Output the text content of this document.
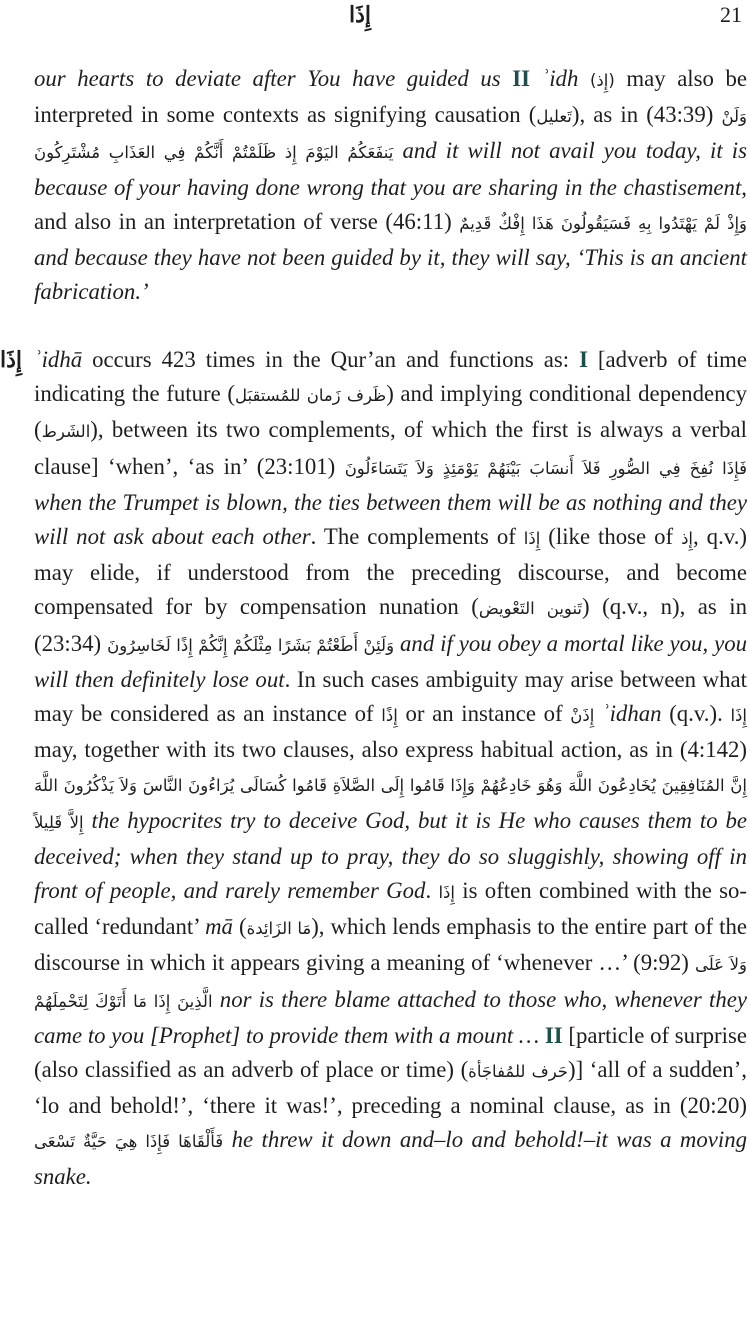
إِذَا	21
our hearts to deviate after You have guided us II ʾidh (إِذ) may also be interpreted in some contexts as signifying causation (تَعليل), as in (43:39) وَلَنْ يَنفَعَكُمُ اليَوْمَ إِذ ظَلَمْتُمْ أَنَّكُمْ فِي العَذَابِ مُشْتَرِكُونَ and it will not avail you today, it is because of your having done wrong that you are sharing in the chastisement, and also in an interpretation of verse (46:11) وَإِذْ لَمْ يَهْتَدُوا بِهِ فَسَيَقُولُونَ هَذَا إِفْكٌ قَدِيمٌ and because they have not been guided by it, they will say, ‘This is an ancient fabrication.’
إِذَا ʾidhā occurs 423 times in the Qur’an and functions as: I [adverb of time indicating the future (ظَرف زَمان للمُستقبَل) and implying conditional dependency (الشَرط), between its two complements, of which the first is always a verbal clause] ‘when’, ‘as in’ (23:101) فَإِذَا نُفِخَ فِي الصُّورِ فَلاَ أَنسَابَ بَيْنَهُمْ يَوْمَئِذٍ وَلاَ يَتَسَاءَلُونَ when the Trumpet is blown, the ties between them will be as nothing and they will not ask about each other. The complements of إِذَا (like those of إِذ, q.v.) may elide, if understood from the preceding discourse, and become compensated for by compensation nunation (تَنوين التَعْويض) (q.v., n), as in (23:34) وَلَئِنْ أَطَعْتُمْ بَشَرًا مِثْلَكُمْ إِنَّكُمْ إِذًا لَخَاسِرُونَ and if you obey a mortal like you, you will then definitely lose out. In such cases ambiguity may arise between what may be considered as an instance of إِذًا or an instance of إِذَنْ ʾidhan (q.v.). إِذَا may, together with its two clauses, also express habitual action, as in (4:142) إِنَّ المُنَافِقِينَ يُخَادِعُونَ اللَّهَ وَهُوَ خَادِعُهُمْ وَإِذَا قَامُوا إِلَى الصَّلاَةِ قَامُوا كُسَالَى يُرَاءُونَ النَّاسَ وَلاَ يَذْكُرُونَ اللَّهَ إِلاَّ قَلِيلاً the hypocrites try to deceive God, but it is He who causes them to be deceived; when they stand up to pray, they do so sluggishly, showing off in front of people, and rarely remember God. إِذَا is often combined with the so-called ‘redundant’ mā (مَا الزَائِدة), which lends emphasis to the entire part of the discourse in which it appears giving a meaning of ‘whenever …’ (9:92) وَلاَ عَلَى الَّذِينَ إِذَا مَا أَتَوْكَ لِتَحْمِلَهُمْ nor is there blame attached to those who, whenever they came to you [Prophet] to provide them with a mount … II [particle of surprise (also classified as an adverb of place or time) (حَرف للمُفاجَأة)] ‘all of a sudden’, ‘lo and behold!’, ‘there it was!’, preceding a nominal clause, as in (20:20) فَأَلْقَاهَا فَإِذَا هِيَ حَيَّةٌ تَسْعَى he threw it down and–lo and behold!–it was a moving snake.
